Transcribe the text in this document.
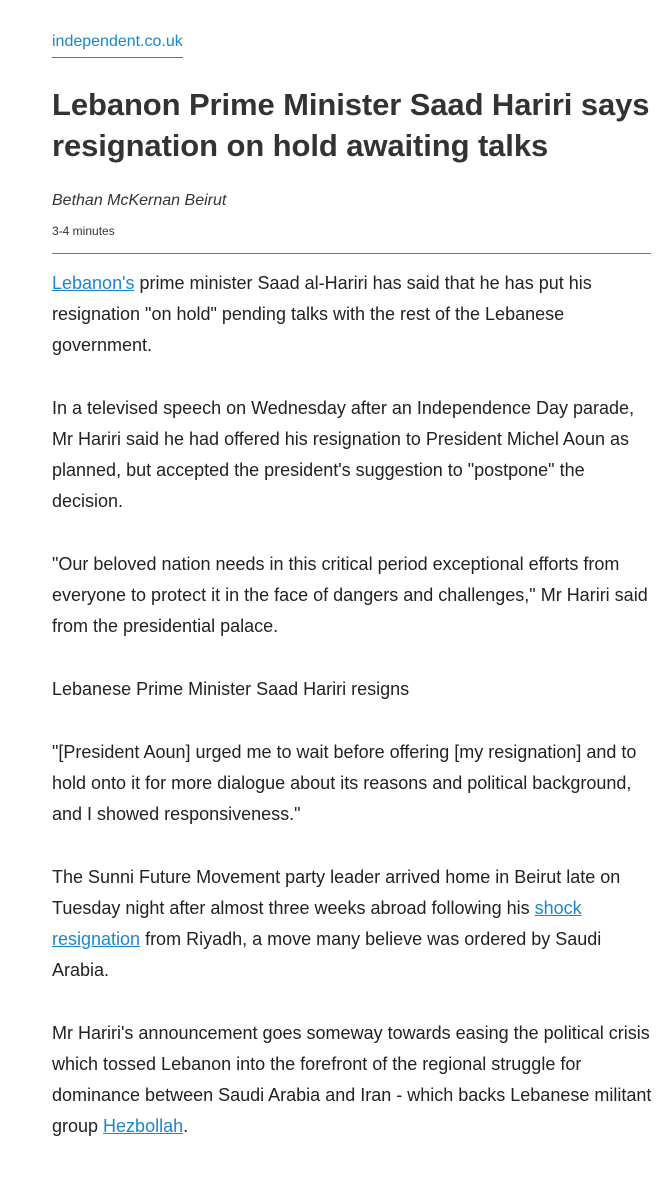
independent.co.uk
Lebanon Prime Minister Saad Hariri says resignation on hold awaiting talks
Bethan McKernan Beirut
3-4 minutes

Lebanon's prime minister Saad al-Hariri has said that he has put his resignation "on hold" pending talks with the rest of the Lebanese government.

In a televised speech on Wednesday after an Independence Day parade, Mr Hariri said he had offered his resignation to President Michel Aoun as planned, but accepted the president's suggestion to "postpone" the decision.

"Our beloved nation needs in this critical period exceptional efforts from everyone to protect it in the face of dangers and challenges," Mr Hariri said from the presidential palace.

Lebanese Prime Minister Saad Hariri resigns

"[President Aoun] urged me to wait before offering [my resignation] and to hold onto it for more dialogue about its reasons and political background, and I showed responsiveness."

The Sunni Future Movement party leader arrived home in Beirut late on Tuesday night after almost three weeks abroad following his shock resignation from Riyadh, a move many believe was ordered by Saudi Arabia.

Mr Hariri's announcement goes someway towards easing the political crisis which tossed Lebanon into the forefront of the regional struggle for dominance between Saudi Arabia and Iran - which backs Lebanese militant group Hezbollah.
